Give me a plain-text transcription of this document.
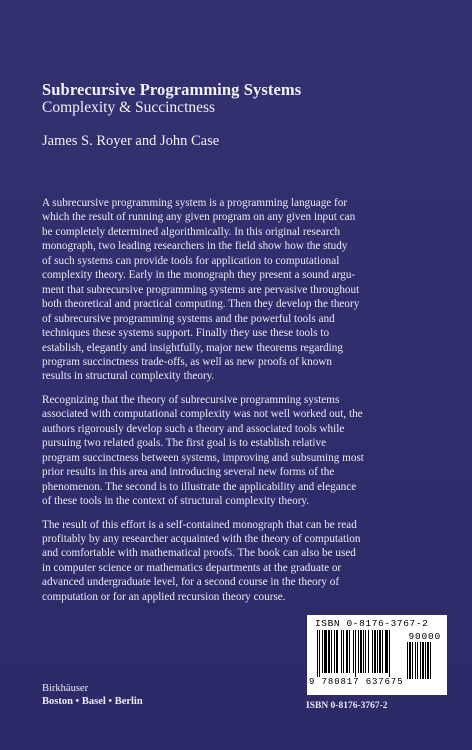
Subrecursive Programming Systems
Complexity & Succinctness
James S. Royer and John Case

A subrecursive programming system is a programming language for
which the result of running any given program on any given input can
be completely determined algorithmically. In this original research
monograph, two leading researchers in the field show how the study
of such systems can provide tools for application to computational
complexity theory. Early in the monograph they present a sound argu-
ment that subrecursive programming systems are pervasive throughout
both theoretical and practical computing. Then they develop the theory
of subrecursive programming systems and the powerful tools and
techniques these systems support. Finally they use these tools to
establish, elegantly and insightfully, major new theorems regarding
program succinctness trade-offs, as well as new proofs of known
results in structural complexity theory.

Recognizing that the theory of subrecursive programming systems
associated with computational complexity was not well worked out, the
authors rigorously develop such a theory and associated tools while
pursuing two related goals. The first goal is to establish relative
program succinctness between systems, improving and subsuming most
prior results in this area and introducing several new forms of the
phenomenon. The second is to illustrate the applicability and elegance
of these tools in the context of structural complexity theory.

The result of this effort is a self-contained monograph that can be read
profitably by any researcher acquainted with the theory of computation
and comfortable with mathematical proofs. The book can also be used
in computer science or mathematics departments at the graduate or
advanced undergraduate level, for a second course in the theory of
computation or for an applied recursion theory course.

Birkhäuser
Boston • Basel • Berlin
ISBN 0-8176-3767-2
90000
9 780817 637675
ISBN 0-8176-3767-2
